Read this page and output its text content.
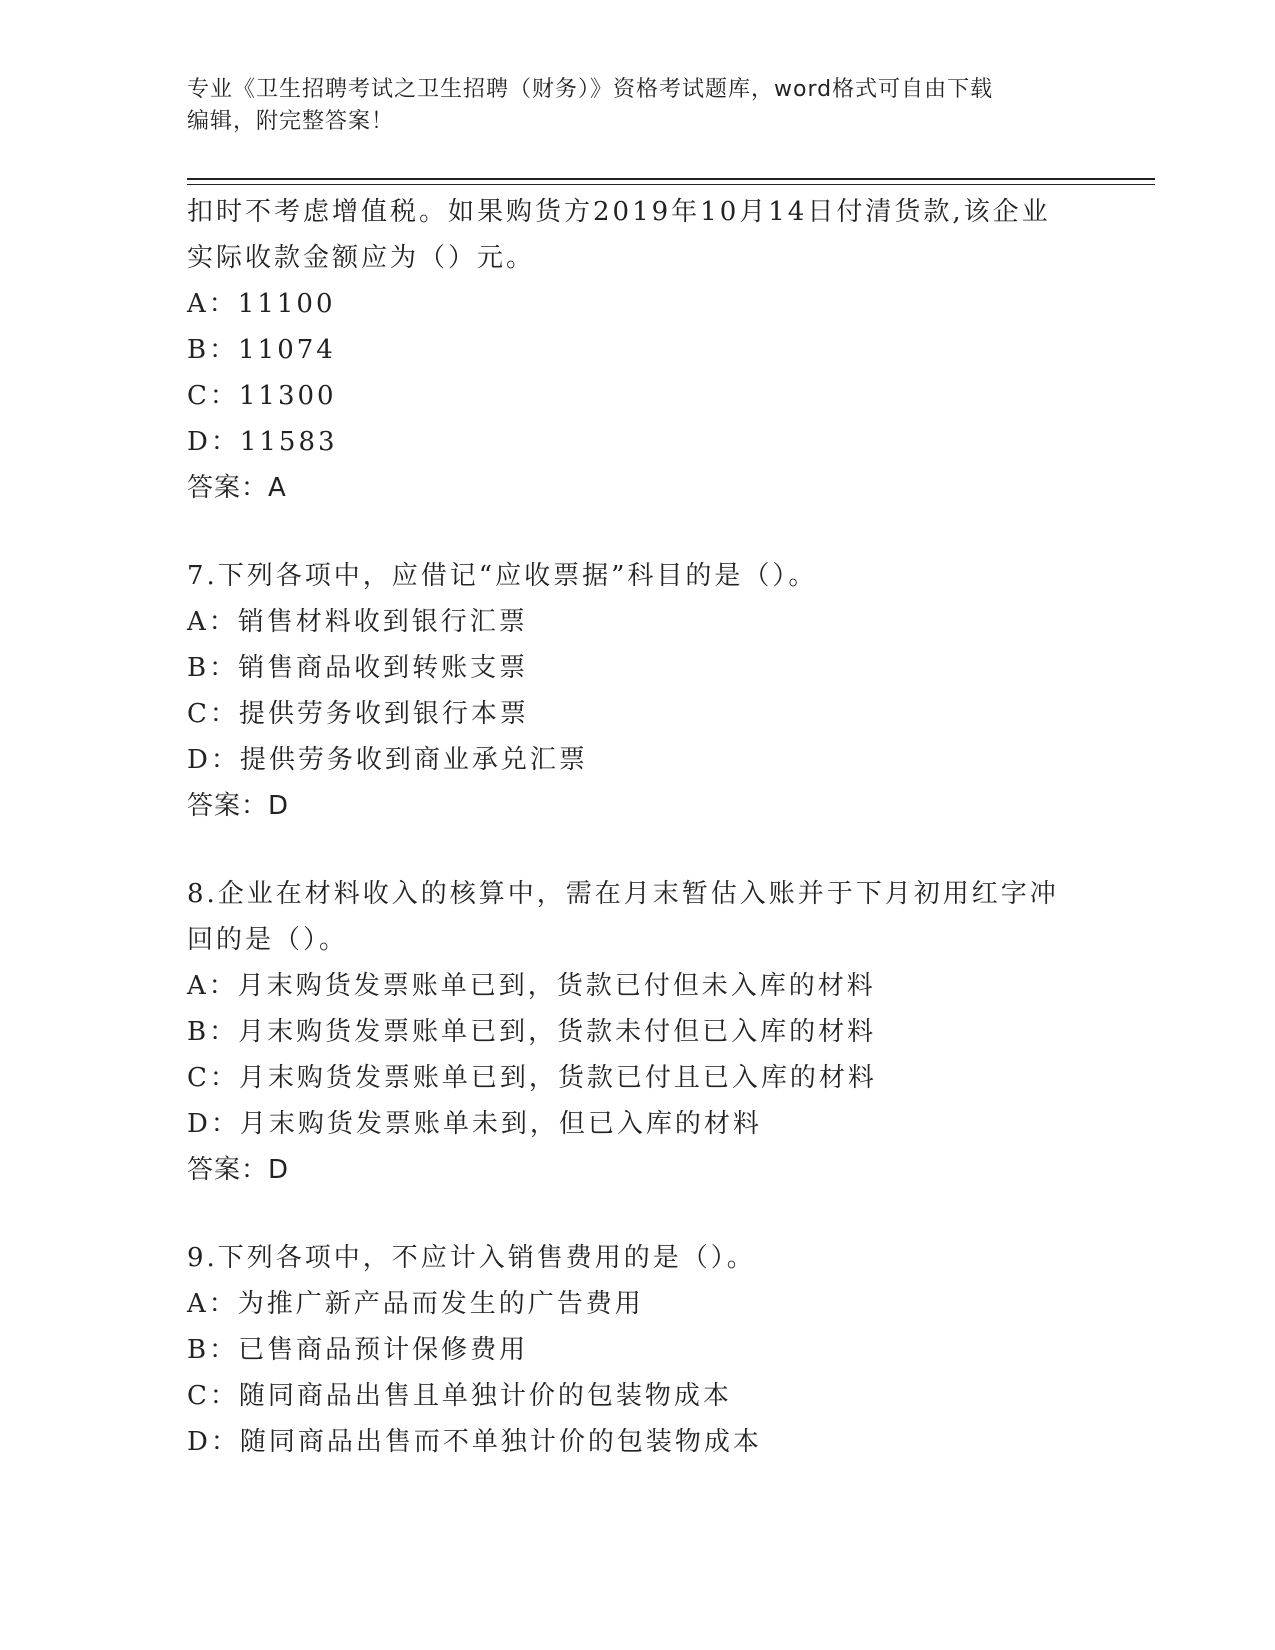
专业《卫生招聘考试之卫生招聘（财务）》资格考试题库，word格式可自由下载
编辑，附完整答案！
扣时不考虑增值税。如果购货方2019年10月14日付清货款,该企业
实际收款金额应为（）元。
A：11100
B：11074
C：11300
D：11583
答案：A
7.下列各项中，应借记“应收票据”科目的是（）。
A：销售材料收到银行汇票
B：销售商品收到转账支票
C：提供劳务收到银行本票
D：提供劳务收到商业承兑汇票
答案：D
8.企业在材料收入的核算中，需在月末暂估入账并于下月初用红字冲
回的是（）。
A：月末购货发票账单已到，货款已付但未入库的材料
B：月末购货发票账单已到，货款未付但已入库的材料
C：月末购货发票账单已到，货款已付且已入库的材料
D：月末购货发票账单未到，但已入库的材料
答案：D
9.下列各项中，不应计入销售费用的是（）。
A：为推广新产品而发生的广告费用
B：已售商品预计保修费用
C：随同商品出售且单独计价的包装物成本
D：随同商品出售而不单独计价的包装物成本
